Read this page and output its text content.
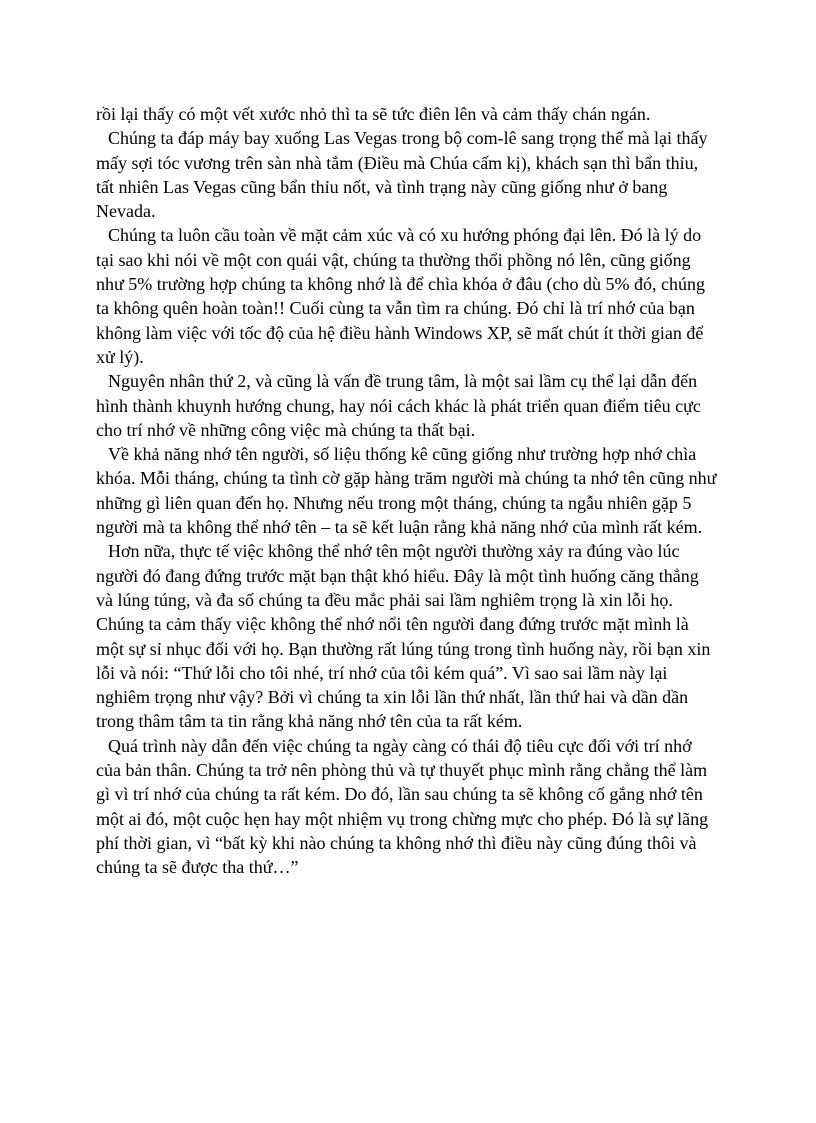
rồi lại thấy có một vết xước nhỏ thì ta sẽ tức điên lên và cảm thấy chán ngán.

Chúng ta đáp máy bay xuống Las Vegas trong bộ com-lê sang trọng thế mà lại thấy mấy sợi tóc vương trên sàn nhà tắm (Điều mà Chúa cấm kị), khách sạn thì bẩn thỉu, tất nhiên Las Vegas cũng bẩn thỉu nốt, và tình trạng này cũng giống như ở bang Nevada.

Chúng ta luôn cầu toàn về mặt cảm xúc và có xu hướng phóng đại lên. Đó là lý do tại sao khi nói về một con quái vật, chúng ta thường thổi phồng nó lên, cũng giống như 5% trường hợp chúng ta không nhớ là để chìa khóa ở đâu (cho dù 5% đó, chúng ta không quên hoàn toàn!! Cuối cùng ta vẫn tìm ra chúng. Đó chỉ là trí nhớ của bạn không làm việc với tốc độ của hệ điều hành Windows XP, sẽ mất chút ít thời gian để xử lý).

Nguyên nhân thứ 2, và cũng là vấn đề trung tâm, là một sai lầm cụ thể lại dẫn đến hình thành khuynh hướng chung, hay nói cách khác là phát triển quan điểm tiêu cực cho trí nhớ về những công việc mà chúng ta thất bại.

Về khả năng nhớ tên người, số liệu thống kê cũng giống như trường hợp nhớ chìa khóa. Mỗi tháng, chúng ta tình cờ gặp hàng trăm người mà chúng ta nhớ tên cũng như những gì liên quan đến họ. Nhưng nếu trong một tháng, chúng ta ngẫu nhiên gặp 5 người mà ta không thể nhớ tên – ta sẽ kết luận rằng khả năng nhớ của mình rất kém.

Hơn nữa, thực tế việc không thể nhớ tên một người thường xảy ra đúng vào lúc người đó đang đứng trước mặt bạn thật khó hiểu. Đây là một tình huống căng thẳng và lúng túng, và đa số chúng ta đều mắc phải sai lầm nghiêm trọng là xin lỗi họ. Chúng ta cảm thấy việc không thể nhớ nổi tên người đang đứng trước mặt mình là một sự sỉ nhục đối với họ. Bạn thường rất lúng túng trong tình huống này, rồi bạn xin lỗi và nói: “Thứ lỗi cho tôi nhé, trí nhớ của tôi kém quá”. Vì sao sai lầm này lại nghiêm trọng như vậy? Bởi vì chúng ta xin lỗi lần thứ nhất, lần thứ hai và dần dần trong thâm tâm ta tin rằng khả năng nhớ tên của ta rất kém.

Quá trình này dẫn đến việc chúng ta ngày càng có thái độ tiêu cực đối với trí nhớ của bản thân. Chúng ta trở nên phòng thủ và tự thuyết phục mình rằng chẳng thể làm gì vì trí nhớ của chúng ta rất kém. Do đó, lần sau chúng ta sẽ không cố gắng nhớ tên một ai đó, một cuộc hẹn hay một nhiệm vụ trong chừng mực cho phép. Đó là sự lãng phí thời gian, vì “bất kỳ khi nào chúng ta không nhớ thì điều này cũng đúng thôi và chúng ta sẽ được tha thứ…”
